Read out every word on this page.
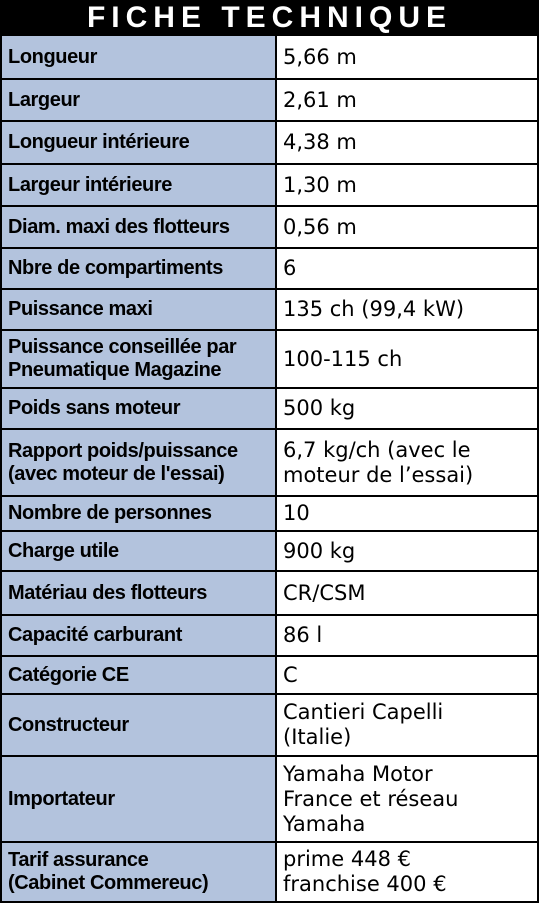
FICHE TECHNIQUE
Longueur	5,66 m
Largeur	2,61 m
Longueur intérieure	4,38 m
Largeur intérieure	1,30 m
Diam. maxi des flotteurs	0,56 m
Nbre de compartiments	6
Puissance maxi	135 ch (99,4 kW)
Puissance conseillée par
Pneumatique Magazine	100-115 ch
Poids sans moteur	500 kg
Rapport poids/puissance
(avec moteur de l'essai)	6,7 kg/ch (avec le
moteur de l’essai)
Nombre de personnes	10
Charge utile	900 kg
Matériau des flotteurs	CR/CSM
Capacité carburant	86 l
Catégorie CE	C
Constructeur	Cantieri Capelli
(Italie)
Importateur	Yamaha Motor
France et réseau
Yamaha
Tarif assurance
(Cabinet Commereuc)	prime 448 €
franchise 400 €
